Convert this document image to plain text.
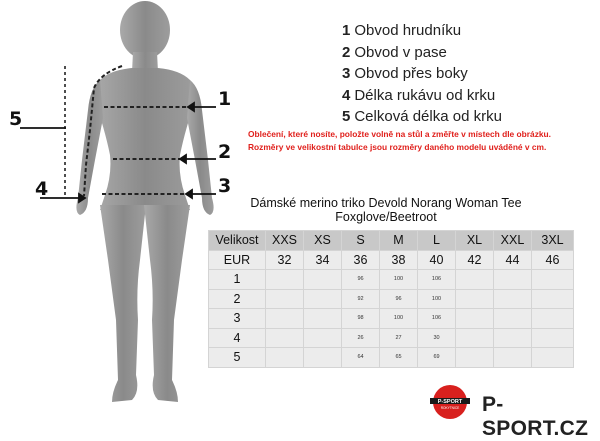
1
2
3
4
5
1 Obvod hrudníku
2 Obvod v pase
3 Obvod přes boky
4 Délka rukávu od krku
5 Celková délka od krku
Oblečení, které nosíte, položte volně na stůl a změřte v místech dle obrázku.
Rozměry ve velikostní tabulce jsou rozměry daného modelu uváděné v cm.
Dámské merino triko Devold Norang Woman Tee
Foxglove/Beetroot
Velikost	XXS	XS	S	M	L	XL	XXL	3XL
EUR	32	34	36	38	40	42	44	46
1			96	100	106			
2			92	96	100			
3			98	100	106			
4			26	27	30			
5			64	65	69			
P-SPORT
ROKYTNICE P-SPORT.CZ
